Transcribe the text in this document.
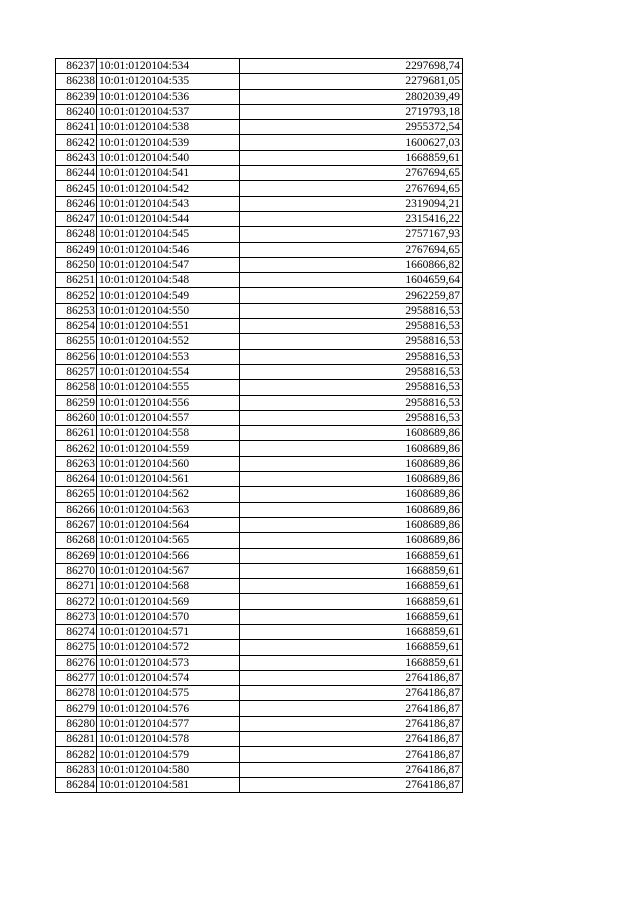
86237	10:01:0120104:534	2297698,74
86238	10:01:0120104:535	2279681,05
86239	10:01:0120104:536	2802039,49
86240	10:01:0120104:537	2719793,18
86241	10:01:0120104:538	2955372,54
86242	10:01:0120104:539	1600627,03
86243	10:01:0120104:540	1668859,61
86244	10:01:0120104:541	2767694,65
86245	10:01:0120104:542	2767694,65
86246	10:01:0120104:543	2319094,21
86247	10:01:0120104:544	2315416,22
86248	10:01:0120104:545	2757167,93
86249	10:01:0120104:546	2767694,65
86250	10:01:0120104:547	1660866,82
86251	10:01:0120104:548	1604659,64
86252	10:01:0120104:549	2962259,87
86253	10:01:0120104:550	2958816,53
86254	10:01:0120104:551	2958816,53
86255	10:01:0120104:552	2958816,53
86256	10:01:0120104:553	2958816,53
86257	10:01:0120104:554	2958816,53
86258	10:01:0120104:555	2958816,53
86259	10:01:0120104:556	2958816,53
86260	10:01:0120104:557	2958816,53
86261	10:01:0120104:558	1608689,86
86262	10:01:0120104:559	1608689,86
86263	10:01:0120104:560	1608689,86
86264	10:01:0120104:561	1608689,86
86265	10:01:0120104:562	1608689,86
86266	10:01:0120104:563	1608689,86
86267	10:01:0120104:564	1608689,86
86268	10:01:0120104:565	1608689,86
86269	10:01:0120104:566	1668859,61
86270	10:01:0120104:567	1668859,61
86271	10:01:0120104:568	1668859,61
86272	10:01:0120104:569	1668859,61
86273	10:01:0120104:570	1668859,61
86274	10:01:0120104:571	1668859,61
86275	10:01:0120104:572	1668859,61
86276	10:01:0120104:573	1668859,61
86277	10:01:0120104:574	2764186,87
86278	10:01:0120104:575	2764186,87
86279	10:01:0120104:576	2764186,87
86280	10:01:0120104:577	2764186,87
86281	10:01:0120104:578	2764186,87
86282	10:01:0120104:579	2764186,87
86283	10:01:0120104:580	2764186,87
86284	10:01:0120104:581	2764186,87
